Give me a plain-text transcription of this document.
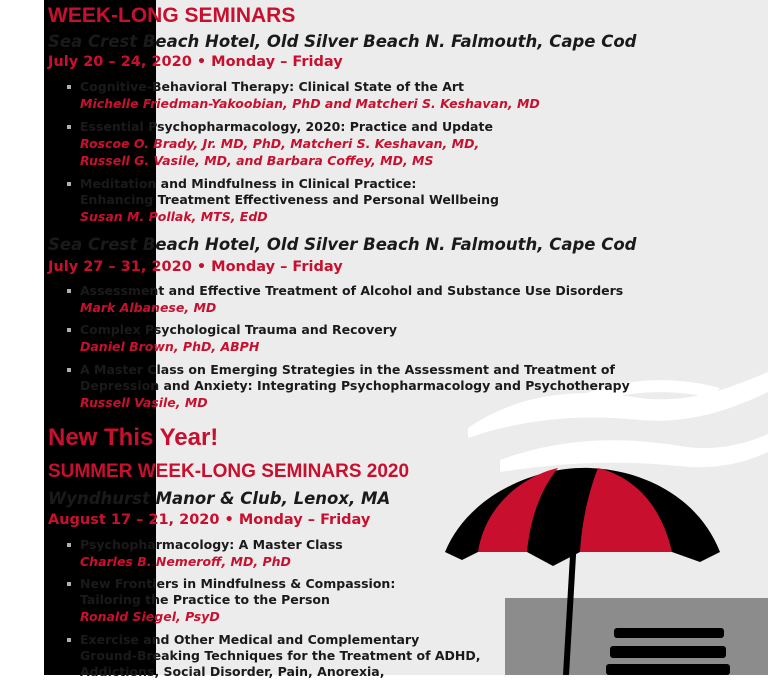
WEEK-LONG SEMINARS
Sea Crest Beach Hotel, Old Silver Beach N. Falmouth, Cape Cod
July 20 – 24, 2020 • Monday – Friday
Cognitive-Behavioral Therapy: Clinical State of the Art
Michelle Friedman-Yakoobian, PhD and Matcheri S. Keshavan, MD
Essential Psychopharmacology, 2020: Practice and Update
Roscoe O. Brady, Jr. MD, PhD, Matcheri S. Keshavan, MD,
Russell G. Vasile, MD, and Barbara Coffey, MD, MS
Meditation and Mindfulness in Clinical Practice:
Enhancing Treatment Effectiveness and Personal Wellbeing
Susan M. Pollak, MTS, EdD
Sea Crest Beach Hotel, Old Silver Beach N. Falmouth, Cape Cod
July 27 – 31, 2020 • Monday – Friday
Assessment and Effective Treatment of Alcohol and Substance Use Disorders
Mark Albanese, MD
Complex Psychological Trauma and Recovery
Daniel Brown, PhD, ABPH
A Master Class on Emerging Strategies in the Assessment and Treatment of
Depression and Anxiety: Integrating Psychopharmacology and Psychotherapy
Russell Vasile, MD
New This Year!
SUMMER WEEK-LONG SEMINARS 2020
Wyndhurst Manor & Club, Lenox, MA
August 17 – 21, 2020 • Monday – Friday
Psychopharmacology: A Master Class
Charles B. Nemeroff, MD, PhD
New Frontiers in Mindfulness & Compassion:
Tailoring the Practice to the Person
Ronald Siegel, PsyD
Exercise and Other Medical and Complementary
Ground-Breaking Techniques for the Treatment of ADHD,
Addictions, Social Disorder, Pain, Anorexia,
